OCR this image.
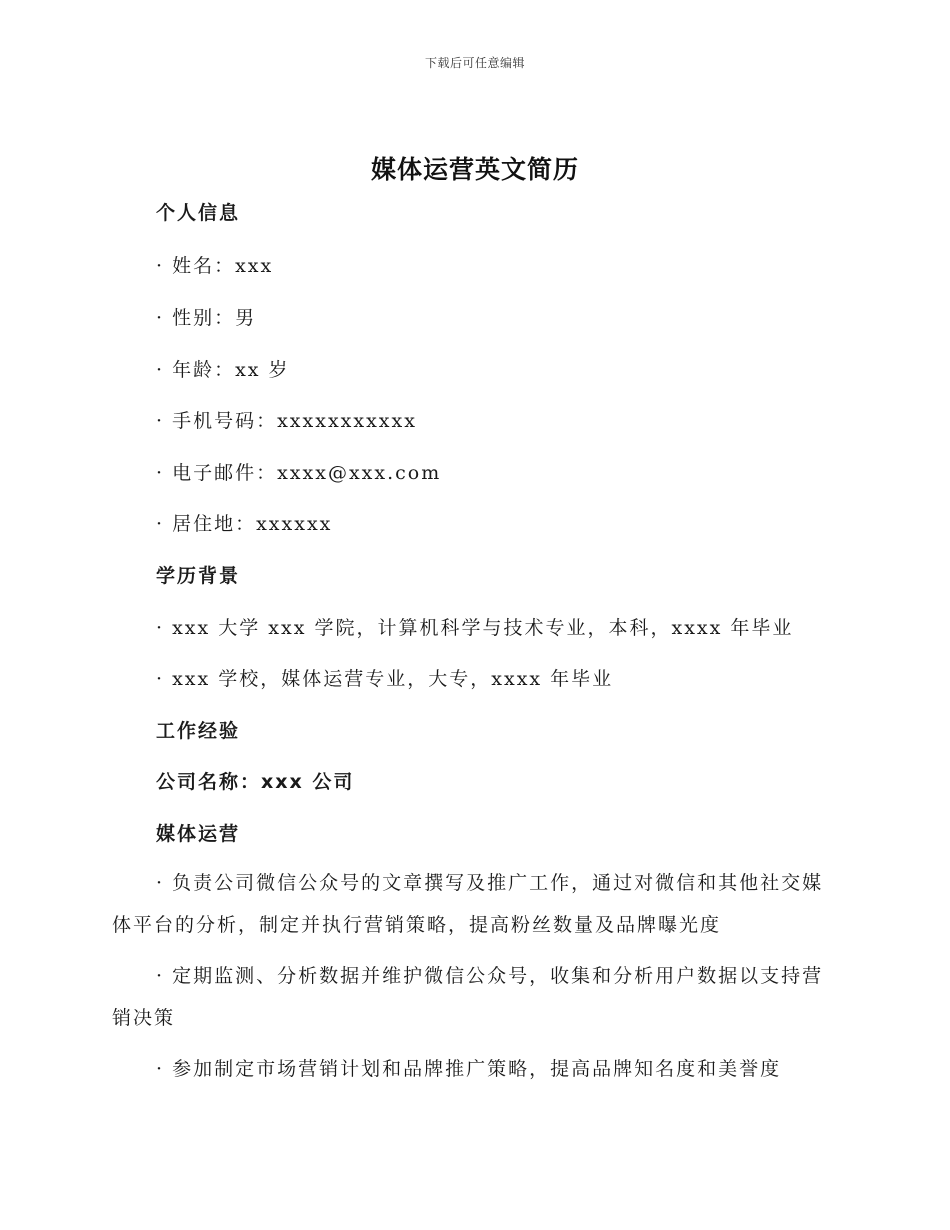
下载后可任意编辑
媒体运营英文简历
个人信息
· 姓名：xxx
· 性别：男
· 年龄：xx 岁
· 手机号码：xxxxxxxxxxx
· 电子邮件：xxxx@xxx.com
· 居住地：xxxxxx
学历背景
· xxx 大学 xxx 学院，计算机科学与技术专业，本科，xxxx 年毕业
· xxx 学校，媒体运营专业，大专，xxxx 年毕业
工作经验
公司名称：xxx 公司
媒体运营
· 负责公司微信公众号的文章撰写及推广工作，通过对微信和其他社交媒体平台的分析，制定并执行营销策略，提高粉丝数量及品牌曝光度
· 定期监测、分析数据并维护微信公众号，收集和分析用户数据以支持营销决策
· 参加制定市场营销计划和品牌推广策略，提高品牌知名度和美誉度
